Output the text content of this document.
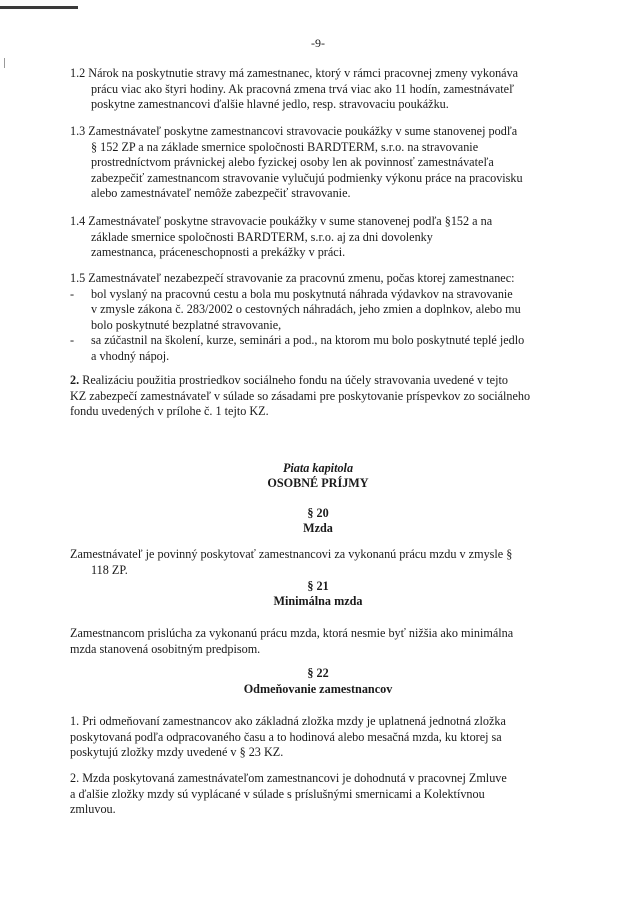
-9-
1.2 Nárok na poskytnutie stravy má zamestnanec, ktorý v rámci pracovnej zmeny vykonáva
prácu viac ako štyri hodiny. Ak pracovná zmena trvá viac ako 11 hodín, zamestnávateľ
poskytne zamestnancovi ďalšie hlavné jedlo, resp. stravovaciu poukážku.
1.3 Zamestnávateľ poskytne zamestnancovi stravovacie poukážky v sume stanovenej podľa
§ 152 ZP a na základe smernice spoločnosti BARDTERM, s.r.o. na stravovanie
prostredníctvom právnickej alebo fyzickej osoby len ak povinnosť zamestnávateľa
zabezpečiť zamestnancom stravovanie vylučujú podmienky výkonu práce na pracovisku
alebo zamestnávateľ nemôže zabezpečiť stravovanie.
1.4 Zamestnávateľ poskytne stravovacie poukážky v sume stanovenej podľa §152 a na
základe smernice spoločnosti BARDTERM, s.r.o. aj za dni dovolenky
zamestnanca, práceneschopnosti a prekážky v práci.
1.5 Zamestnávateľ nezabezpečí stravovanie za pracovnú zmenu, počas ktorej zamestnanec:
- bol vyslaný na pracovnú cestu a bola mu poskytnutá náhrada výdavkov na stravovanie
v zmysle zákona č. 283/2002 o cestovných náhradách, jeho zmien a doplnkov, alebo mu
bolo poskytnuté bezplatné stravovanie,
- sa zúčastnil na školení, kurze, seminári a pod., na ktorom mu bolo poskytnuté teplé jedlo
a vhodný nápoj.
2. Realizáciu použitia prostriedkov sociálneho fondu na účely stravovania uvedené v tejto
KZ zabezpečí zamestnávateľ v súlade so zásadami pre poskytovanie príspevkov zo sociálneho
fondu uvedených v prílohe č. 1 tejto KZ.
Piata kapitola
OSOBNÉ PRÍJMY
§ 20
Mzda
Zamestnávateľ je povinný poskytovať zamestnancovi za vykonanú prácu mzdu v zmysle §
118 ZP.
§ 21
Minimálna mzda
Zamestnancom prislúcha za vykonanú prácu mzda, ktorá nesmie byť nižšia ako minimálna
mzda stanovená osobitným predpisom.
§ 22
Odmeňovanie zamestnancov
1. Pri odmeňovaní zamestnancov ako základná zložka mzdy je uplatnená jednotná zložka
poskytovaná podľa odpracovaného času a to hodinová alebo mesačná mzda, ku ktorej sa
poskytujú zložky mzdy uvedené v § 23 KZ.
2. Mzda poskytovaná zamestnávateľom zamestnancovi je dohodnutá v pracovnej Zmluve
a ďalšie zložky mzdy sú vyplácané v súlade s príslušnými smernicami a Kolektívnou
zmluvou.
